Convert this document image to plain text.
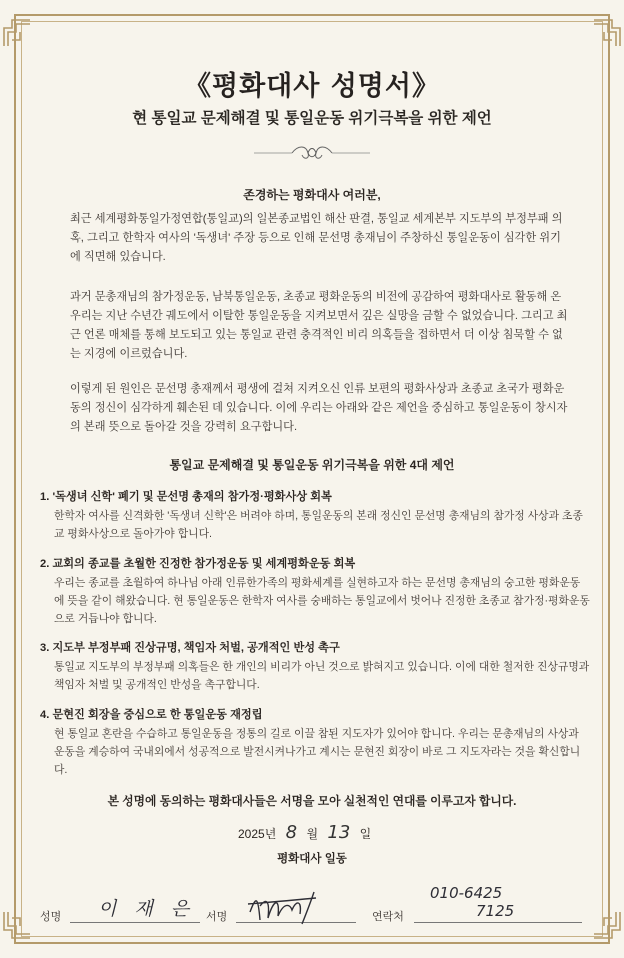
《평화대사 성명서》
현 통일교 문제해결 및 통일운동 위기극복을 위한 제언
존경하는 평화대사 여러분,
최근 세계평화통일가정연합(통일교)의 일본종교법인 해산 판결, 통일교 세계본부 지도부의 부정부패 의혹, 그리고 한학자 여사의 '독생녀' 주장 등으로 인해 문선명 총재님이 주창하신 통일운동이 심각한 위기에 직면해 있습니다.
과거 문총재님의 참가정운동, 남북통일운동, 초종교 평화운동의 비전에 공감하여 평화대사로 활동해 온 우리는 지난 수년간 궤도에서 이탈한 통일운동을 지켜보면서 깊은 실망을 금할 수 없었습니다. 그리고 최근 언론 매체를 통해 보도되고 있는 통일교 관련 충격적인 비리 의혹들을 접하면서 더 이상 침묵할 수 없는 지경에 이르렀습니다.
이렇게 된 원인은 문선명 총재께서 평생에 걸쳐 지켜오신 인류 보편의 평화사상과 초종교 초국가 평화운동의 정신이 심각하게 훼손된 데 있습니다. 이에 우리는 아래와 같은 제언을 중심하고 통일운동이 창시자의 본래 뜻으로 돌아갈 것을 강력히 요구합니다.
통일교 문제해결 및 통일운동 위기극복을 위한 4대 제언
1. '독생녀 신학' 폐기 및 문선명 총재의 참가정·평화사상 회복
한학자 여사를 신격화한 '독생녀 신학'은 버려야 하며, 통일운동의 본래 정신인 문선명 총재님의 참가정 사상과 초종교 평화사상으로 돌아가야 합니다.
2. 교회의 종교를 초월한 진정한 참가정운동 및 세계평화운동 회복
우리는 종교를 초월하여 하나님 아래 인류한가족의 평화세계를 실현하고자 하는 문선명 총재님의 숭고한 평화운동에 뜻을 같이 해왔습니다. 현 통일운동은 한학자 여사를 숭배하는 통일교에서 벗어나 진정한 초종교 참가정·평화운동으로 거듭나야 합니다.
3. 지도부 부정부패 진상규명, 책임자 처벌, 공개적인 반성 촉구
통일교 지도부의 부정부패 의혹들은 한 개인의 비리가 아닌 것으로 밝혀지고 있습니다. 이에 대한 철저한 진상규명과 책임자 처벌 및 공개적인 반성을 촉구합니다.
4. 문현진 회장을 중심으로 한 통일운동 재정립
현 통일교 혼란을 수습하고 통일운동을 정통의 길로 이끌 참된 지도자가 있어야 합니다. 우리는 문총재님의 사상과 운동을 계승하여 국내외에서 성공적으로 발전시켜나가고 계시는 문현진 회장이 바로 그 지도자라는 것을 확신합니다.
본 성명에 동의하는 평화대사들은 서명을 모아 실천적인 연대를 이루고자 합니다.
2025년 8 월 13 일
평화대사 일동
성명 이 재 은 서명	연락처
010-6425
7125
